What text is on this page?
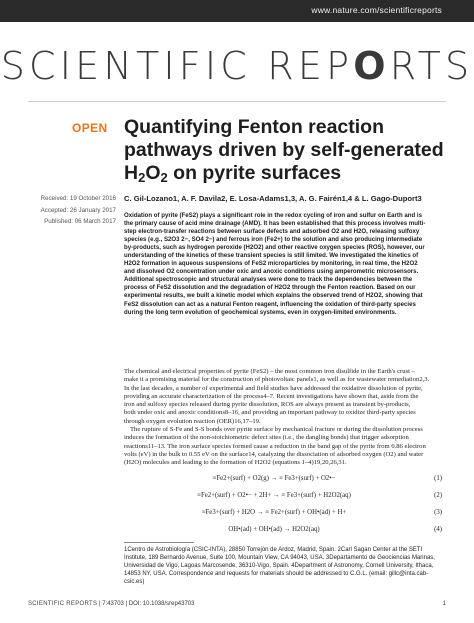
www.nature.com/scientificreports
SCIENTIFIC REPORTS
OPEN Quantifying Fenton reaction
pathways driven by self-generated
$H_2O_2$ on pyrite surfaces
Received: 19 October 2016
Accepted: 26 January 2017
Published: 06 March 2017
C. Gil-Lozano1, A. F. Davila2, E. Losa-Adams1,3, A. G. Fairén1,4 & L. Gago-Duport3

Oxidation of pyrite (FeS2) plays a significant role in the redox cycling of iron and sulfur on Earth and is

the primary cause of acid mine drainage (AMD). It has been established that this process involves multi-

step electron-transfer reactions between surface defects and adsorbed O2 and H2O, releasing sulfoxy

species (e.g., S2O3 2−, SO4 2−) and ferrous iron (Fe2+) to the solution and also producing intermediate

by-products, such as hydrogen peroxide (H2O2) and other reactive oxygen species (ROS), however, our

understanding of the kinetics of these transient species is still limited. We investigated the kinetics of

H2O2 formation in aqueous suspensions of FeS2 microparticles by monitoring, in real time, the H2O2

and dissolved O2 concentration under oxic and anoxic conditions using amperometric microsensors.

Additional spectroscopic and structural analyses were done to track the dependencies between the

process of FeS2 dissolution and the degradation of H2O2 through the Fenton reaction. Based on our

experimental results, we built a kinetic model which explains the observed trend of H2O2, showing that

FeS2 dissolution can act as a natural Fenton reagent, influencing the oxidation of third-party species

during the long term evolution of geochemical systems, even in oxygen-limited environments.

The chemical and electrical properties of pyrite (FeS2) – the most common iron disulfide in the Earth's crust –

make it a promising material for the construction of photovoltaic panels1, as well as for wastewater remediation2,3.

In the last decades, a number of experimental and field studies have addressed the oxidative dissolution of pyrite,

providing an accurate characterization of the process4–7. Recent investigations have shown that, aside from the

iron and sulfoxy species released during pyrite dissolution, ROS are always present as transient by-products,

both under oxic and anoxic conditions8–16, and providing an important pathway to oxidize third-party species

through oxygen evolution reaction (OER)16,17–19.

The rupture of S-Fe and S-S bonds over pyrite surface by mechanical fracture or during the dissolution process

induces the formation of the non-stoichiometric defect sites (i.e., the dangling bonds) that trigger adsorption

reactions11–13. The iron surface species formed cause a reduction in the band gap of the pyrite from 0.86 electron

volts (eV) in the bulk to 0.55 eV on the surface14, catalyzing the dissociation of adsorbed oxygen (O2) and water

(H2O) molecules and leading to the formation of H2O2 (equations 1–4)19,20,26,31.

≡Fe2+(surf) + O2(g) → ≡ Fe3+(surf) + O2•−	(1)
≡Fe2+(surf) + O2•− + 2H+ → ≡ Fe3+(surf) + H2O2(aq)	(2)
≡Fe3+(surf) + H2O → ≡ Fe2+(surf) + OH•(ad) + H+	(3)
OH•(ad) + OH•(ad) → H2O2(aq)	(4)

1Centro de Astrobiología (CSIC-INTA), 28850 Torrejón de Ardoz, Madrid, Spain. 2Carl Sagan Center at the SETI

Institute, 189 Bernardo Avenue, Suite 100, Mountain View, CA 94043, USA. 3Departamento de Geociencias Marinas,

Universidad de Vigo, Lagoas Marcosende, 36310-Vigo, Spain. 4Department of Astronomy, Cornell University, Ithaca,

14853 NY, USA. Correspondence and requests for materials should be addressed to C.G.L. (email: gillc@inta.cab-

csic.es)

SCIENTIFIC REPORTS | 7:43703 | DOI: 10.1038/srep43703	1
